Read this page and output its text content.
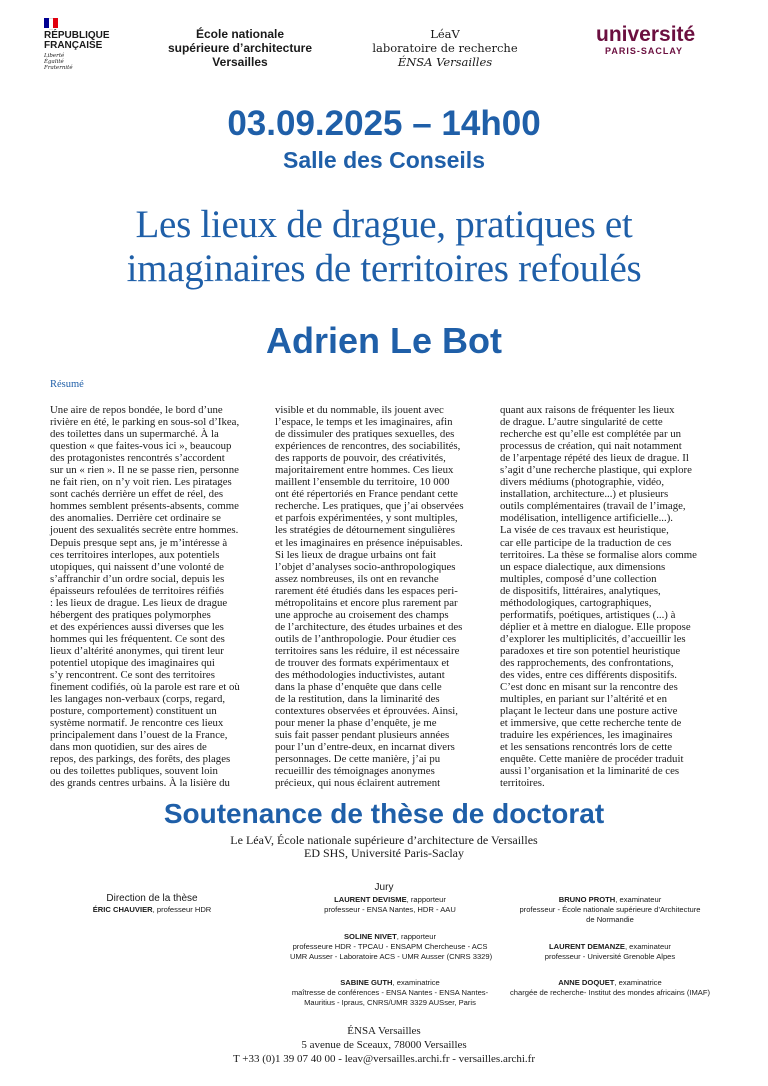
RÉPUBLIQUE
FRANÇAISE
Liberté
Égalité
Fraternité
École nationale
supérieure d’architecture
Versailles
LéaV
laboratoire de recherche
ÉNSA Versailles
université
PARIS-SACLAY
03.09.2025 – 14h00
Salle des Conseils
Les lieux de drague, pratiques et
imaginaires de territoires refoulés
Adrien Le Bot
Résumé
Une aire de repos bondée, le bord d’une
rivière en été, le parking en sous-sol d’Ikea,
des toilettes dans un supermarché. À la
question « que faites-vous ici », beaucoup
des protagonistes rencontrés s’accordent
sur un « rien ». Il ne se passe rien, personne
ne fait rien, on n’y voit rien. Les piratages
sont cachés derrière un effet de réel, des
hommes semblent présents-absents, comme
des anomalies. Derrière cet ordinaire se
jouent des sexualités secrète entre hommes.
Depuis presque sept ans, je m’intéresse à
ces territoires interlopes, aux potentiels
utopiques, qui naissent d’une volonté de
s’affranchir d’un ordre social, depuis les
épaisseurs refoulées de territoires réifiés
: les lieux de drague. Les lieux de drague
hébergent des pratiques polymorphes
et des expériences aussi diverses que les
hommes qui les fréquentent. Ce sont des
lieux d’altérité anonymes, qui tirent leur
potentiel utopique des imaginaires qui
s’y rencontrent. Ce sont des territoires
finement codifiés, où la parole est rare et où
les langages non-verbaux (corps, regard,
posture, comportement) constituent un
système normatif. Je rencontre ces lieux
principalement dans l’ouest de la France,
dans mon quotidien, sur des aires de
repos, des parkings, des forêts, des plages
ou des toilettes publiques, souvent loin
des grands centres urbains. À la lisière du
visible et du nommable, ils jouent avec
l’espace, le temps et les imaginaires, afin
de dissimuler des pratiques sexuelles, des
expériences de rencontres, des sociabilités,
des rapports de pouvoir, des créativités,
majoritairement entre hommes. Ces lieux
maillent l’ensemble du territoire, 10 000
ont été répertoriés en France pendant cette
recherche. Les pratiques, que j’ai observées
et parfois expérimentées, y sont multiples,
les stratégies de détournement singulières
et les imaginaires en présence inépuisables.
Si les lieux de drague urbains ont fait
l’objet d’analyses socio-anthropologiques
assez nombreuses, ils ont en revanche
rarement été étudiés dans les espaces peri-
métropolitains et encore plus rarement par
une approche au croisement des champs
de l’architecture, des études urbaines et des
outils de l’anthropologie. Pour étudier ces
territoires sans les réduire, il est nécessaire
de trouver des formats expérimentaux et
des méthodologies inductivistes, autant
dans la phase d’enquête que dans celle
de la restitution, dans la liminarité des
contextures observées et éprouvées. Ainsi,
pour mener la phase d’enquête, je me
suis fait passer pendant plusieurs années
pour l’un d’entre-deux, en incarnat divers
personnages. De cette manière, j’ai pu
recueillir des témoignages anonymes
précieux, qui nous éclairent autrement
quant aux raisons de fréquenter les lieux
de drague. L’autre singularité de cette
recherche est qu’elle est complétée par un
processus de création, qui nait notamment
de l’arpentage répété des lieux de drague. Il
s’agit d’une recherche plastique, qui explore
divers médiums (photographie, vidéo,
installation, architecture...) et plusieurs
outils complémentaires (travail de l’image,
modélisation, intelligence artificielle...).
La visée de ces travaux est heuristique,
car elle participe de la traduction de ces
territoires. La thèse se formalise alors comme
un espace dialectique, aux dimensions
multiples, composé d’une collection
de dispositifs, littéraires, analytiques,
méthodologiques, cartographiques,
performatifs, poétiques, artistiques (...) à
déplier et à mettre en dialogue. Elle propose
d’explorer les multiplicités, d’accueillir les
paradoxes et tire son potentiel heuristique
des rapprochements, des confrontations,
des vides, entre ces différents dispositifs.
C’est donc en misant sur la rencontre des
multiples, en pariant sur l’altérité et en
plaçant le lecteur dans une posture active
et immersive, que cette recherche tente de
traduire les expériences, les imaginaires
et les sensations rencontrés lors de cette
enquête. Cette manière de procéder traduit
aussi l’organisation et la liminarité de ces
territoires.
Soutenance de thèse de doctorat
Le LéaV, École nationale supérieure d’architecture de Versailles
ED SHS, Université Paris-Saclay
Direction de la thèse
ÉRIC CHAUVIER, professeur HDR
Jury
LAURENT DEVISME, rapporteur
professeur - ENSA Nantes, HDR - AAU
SOLINE NIVET, rapporteur
professeure HDR - TPCAU - ENSAPM Chercheuse - ACS
UMR Ausser - Laboratoire ACS - UMR Ausser (CNRS 3329)
SABINE GUTH, examinatrice
maîtresse de conférences - ENSA Nantes - ENSA Nantes-
Mauritius - Ipraus, CNRS/UMR 3329 AUSser, Paris
BRUNO PROTH, examinateur
professeur - École nationale supérieure d’Architecture
de Normandie
LAURENT DEMANZE, examinateur
professeur - Université Grenoble Alpes
ANNE DOQUET, examinatrice
chargée de recherche- Institut des mondes africains (IMAF)
ÉNSA Versailles
5 avenue de Sceaux, 78000 Versailles
T +33 (0)1 39 07 40 00 - leav@versailles.archi.fr - versailles.archi.fr
